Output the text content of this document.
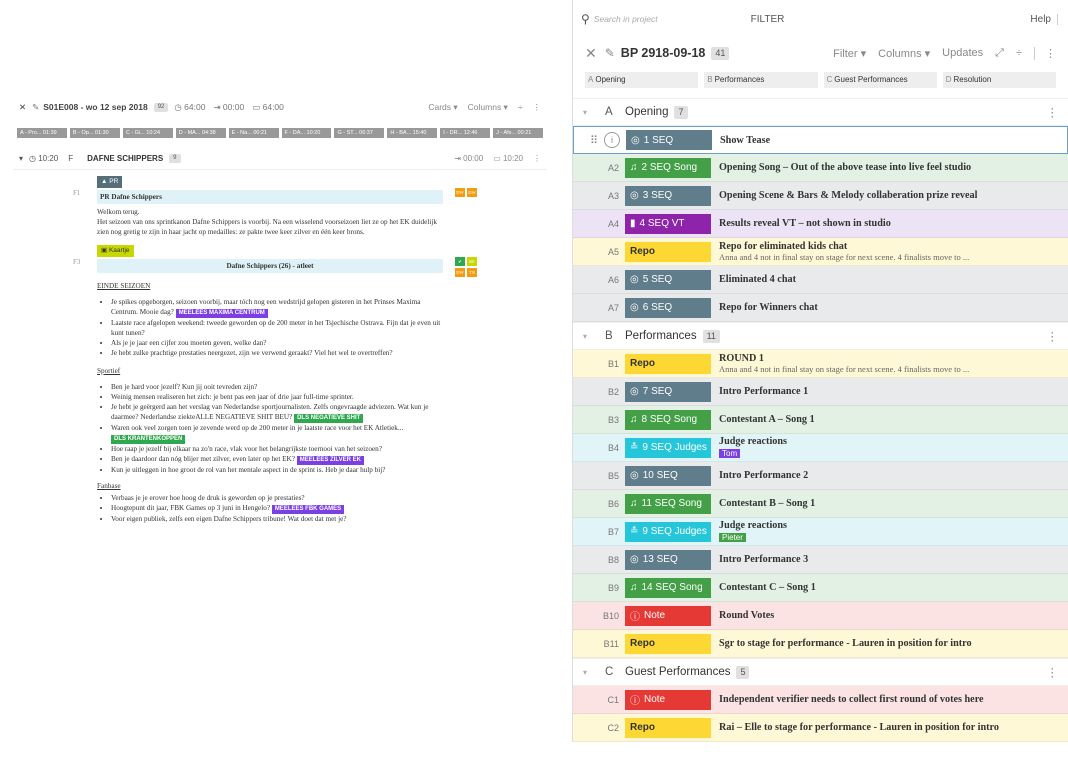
✕ ✎ S01E008 - wo 12 sep 2018	92	◷ 64:00 ⇥ 00:00 ▭ 64:00	Cards ▾ Columns ▾ ÷ ⋮
A - Pro... 01:39	B - Op... 01:30	C - Gi... 10:24	D - MA... 04:38	E - Na... 00:21	F - DA... 10:20	G - ST... 06:37	H - BA... 15:40	I - DR... 12:46	J - Afs... 00:21
▾ ◷ 10:20 F DAFNE SCHIPPERS	9	⇥ 00:00 ▭ 10:20 ⋮
F1
▲ PR
DW DW
PR Dafne Schippers
Welkom terug.
Het seizoen van ons sprintkanon Dafne Schippers is voorbij. Na een wisselend voorseizoen liet ze op het EK duidelijk zien nog gretig te zijn in haar jacht op medailles: ze pakte twee keer zilver en één keer brons.
F3
▣ Kaartje
✔	RE
DW	TN
Dafne Schippers (26) - atleet
EINDE SEIZOEN
• Je spikes opgeborgen, seizoen voorbij, maar tóch nog een wedstrijd gelopen gisteren in het Prinses Maxima Centrum. Mooie dag? MEELEES MAXIMA CENTRUM
• Laatste race afgelopen weekend: tweede geworden op de 200 meter in het Tsjechische Ostrava. Fijn dat je even uit kunt tunen?
• Als je je jaar een cijfer zou moeten geven, welke dan?
• Je hebt zulke prachtige prestaties neergezet, zijn we verwend geraakt? Viel het wel te overtreffen?
Sportief
• Ben je hard voor jezelf? Kun jij ooit tevreden zijn?
• Weinig mensen realiseren het zich: je bent pas een jaar of drie jaar full-time sprinter.
• Je hebt je geërgerd aan het verslag van Nederlandse sportjournalisten. Zelfs ongevraagde adviezen. Wat kun je daarmee? Nederlandse ziekteALLE NEGATIEVE SHIT BEU? DLS NEGATIEVE SHIT
• Waren ook veel zorgen toen je zevende werd op de 200 meter in je laatste race voor het EK Atletiek... DLS KRANTENKOPPEN
• Hoe raap je jezelf bij elkaar na zo'n race, vlak voor het belangrijkste toernooi van het seizoen?
• Ben je daardoor dan nóg blijer met zilver, even later op het EK? MEELEES ZILVER EK
• Kun je uitleggen in hoe groot de rol van het mentale aspect in de sprint is. Heb je daar hulp bij?
Fanbase
• Verbaas je je erover hoe hoog de druk is geworden op je prestaties?
• Hoogtepunt dit jaar, FBK Games op 3 juni in Hengelo? MEELEES FBK GAMES
• Voor eigen publiek, zelfs een eigen Dafne Schippers tribune! Wat doet dat met je?
⚲ Search in project	FILTER	Help
✕ ✎ BP 2918-09-18	41	Filter ▾ Columns ▾ Updates ⤢ ÷	⋮
A Opening	B Performances	C Guest Performances	D Resolution
▾	A Opening	7	⋮
⠿	i	◎ 1 SEQ	Show Tease
A2	♫ 2 SEQ Song Opening Song – Out of the above tease into live feel studio
A3	◎ 3 SEQ	Opening Scene & Bars & Melody collaberation prize reveal
A4	▮ 4 SEQ VT	Results reveal VT – not shown in studio
A5	Repo	Repo for eliminated kids chat
Anna and 4 not in final stay on stage for next scene. 4 finalists move to ...
A6	◎ 5 SEQ	Eliminated 4 chat
A7	◎ 6 SEQ	Repo for Winners chat
▾	B Performances	11	⋮
B1	Repo	ROUND 1
Anna and 4 not in final stay on stage for next scene. 4 finalists move to ...
B2	◎ 7 SEQ	Intro Performance 1
B3	♫ 8 SEQ Song Contestant A – Song 1
B4	≛ 9 SEQ Judges
Judge reactions
Tom
B5	◎ 10 SEQ	Intro Performance 2
B6	♫ 11 SEQ Song Contestant B – Song 1
B7	≛ 9 SEQ Judges
Judge reactions
Pieter
B8	◎ 13 SEQ	Intro Performance 3
B9	♫ 14 SEQ Song Contestant C – Song 1
B10	ⓘ Note	Round Votes
B11	Repo	Sgr to stage for performance - Lauren in position for intro
▾	C Guest Performances	5	⋮
C1	ⓘ Note	Independent verifier needs to collect first round of votes here
C2	Repo	Rai – Elle to stage for performance - Lauren in position for intro
